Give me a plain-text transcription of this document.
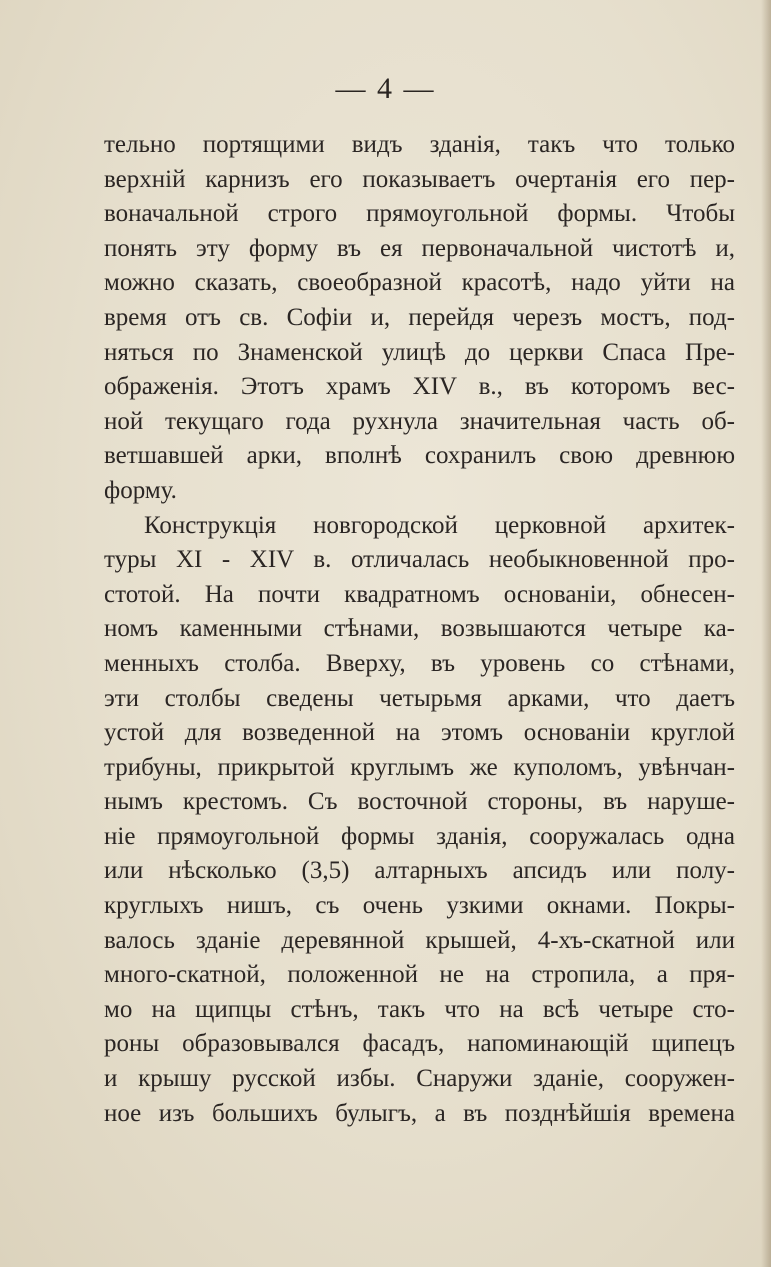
— 4 —
тельно портящими видъ зданія, такъ что только
верхній карнизъ его показываетъ очертанія его пер-
воначальной строго прямоугольной формы. Чтобы
понять эту форму въ ея первоначальной чистотѣ и,
можно сказать, своеобразной красотѣ, надо уйти на
время отъ св. Софіи и, перейдя черезъ мостъ, под-
няться по Знаменской улицѣ до церкви Спаса Пре-
ображенія. Этотъ храмъ XIV в., въ которомъ вес-
ной текущаго года рухнула значительная часть об-
ветшавшей арки, вполнѣ сохранилъ свою древнюю
форму.
Конструкція новгородской церковной архитек-
туры XI - XIV в. отличалась необыкновенной про-
стотой. На почти квадратномъ основаніи, обнесен-
номъ каменными стѣнами, возвышаются четыре ка-
менныхъ столба. Вверху, въ уровень со стѣнами,
эти столбы сведены четырьмя арками, что даетъ
устой для возведенной на этомъ основаніи круглой
трибуны, прикрытой круглымъ же куполомъ, увѣнчан-
нымъ крестомъ. Съ восточной стороны, въ наруше-
ніе прямоугольной формы зданія, сооружалась одна
или нѣсколько (3,5) алтарныхъ апсидъ или полу-
круглыхъ нишъ, съ очень узкими окнами. Покры-
валось зданіе деревянной крышей, 4-хъ-скатной или
много-скатной, положенной не на стропила, а пря-
мо на щипцы стѣнъ, такъ что на всѣ четыре сто-
роны образовывался фасадъ, напоминающій щипецъ
и крышу русской избы. Снаружи зданіе, сооружен-
ное изъ большихъ булыгъ, а въ позднѣйшія времена
